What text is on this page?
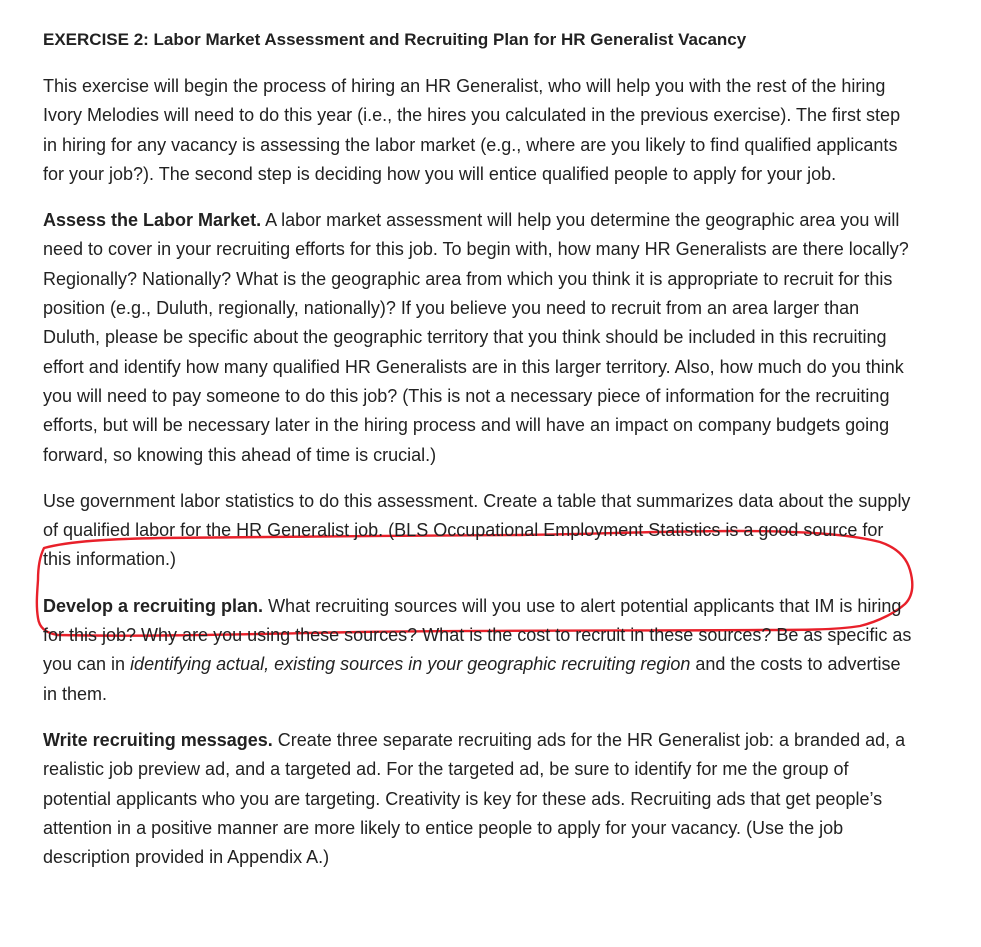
EXERCISE 2: Labor Market Assessment and Recruiting Plan for HR Generalist Vacancy

This exercise will begin the process of hiring an HR Generalist, who will help you with the rest of the hiring Ivory Melodies will need to do this year (i.e., the hires you calculated in the previous exercise). The first step in hiring for any vacancy is assessing the labor market (e.g., where are you likely to find qualified applicants for your job?). The second step is deciding how you will entice qualified people to apply for your job.

Assess the Labor Market. A labor market assessment will help you determine the geographic area you will need to cover in your recruiting efforts for this job. To begin with, how many HR Generalists are there locally? Regionally? Nationally? What is the geographic area from which you think it is appropriate to recruit for this position (e.g., Duluth, regionally, nationally)? If you believe you need to recruit from an area larger than Duluth, please be specific about the geographic territory that you think should be included in this recruiting effort and identify how many qualified HR Generalists are in this larger territory. Also, how much do you think you will need to pay someone to do this job? (This is not a necessary piece of information for the recruiting efforts, but will be necessary later in the hiring process and will have an impact on company budgets going forward, so knowing this ahead of time is crucial.)

Use government labor statistics to do this assessment. Create a table that summarizes data about the supply of qualified labor for the HR Generalist job. (BLS Occupational Employment Statistics is a good source for this information.)

Develop a recruiting plan. What recruiting sources will you use to alert potential applicants that IM is hiring for this job? Why are you using these sources? What is the cost to recruit in these sources? Be as specific as you can in identifying actual, existing sources in your geographic recruiting region and the costs to advertise in them.

Write recruiting messages. Create three separate recruiting ads for the HR Generalist job: a branded ad, a realistic job preview ad, and a targeted ad. For the targeted ad, be sure to identify for me the group of potential applicants who you are targeting. Creativity is key for these ads. Recruiting ads that get people’s attention in a positive manner are more likely to entice people to apply for your vacancy. (Use the job description provided in Appendix A.)
